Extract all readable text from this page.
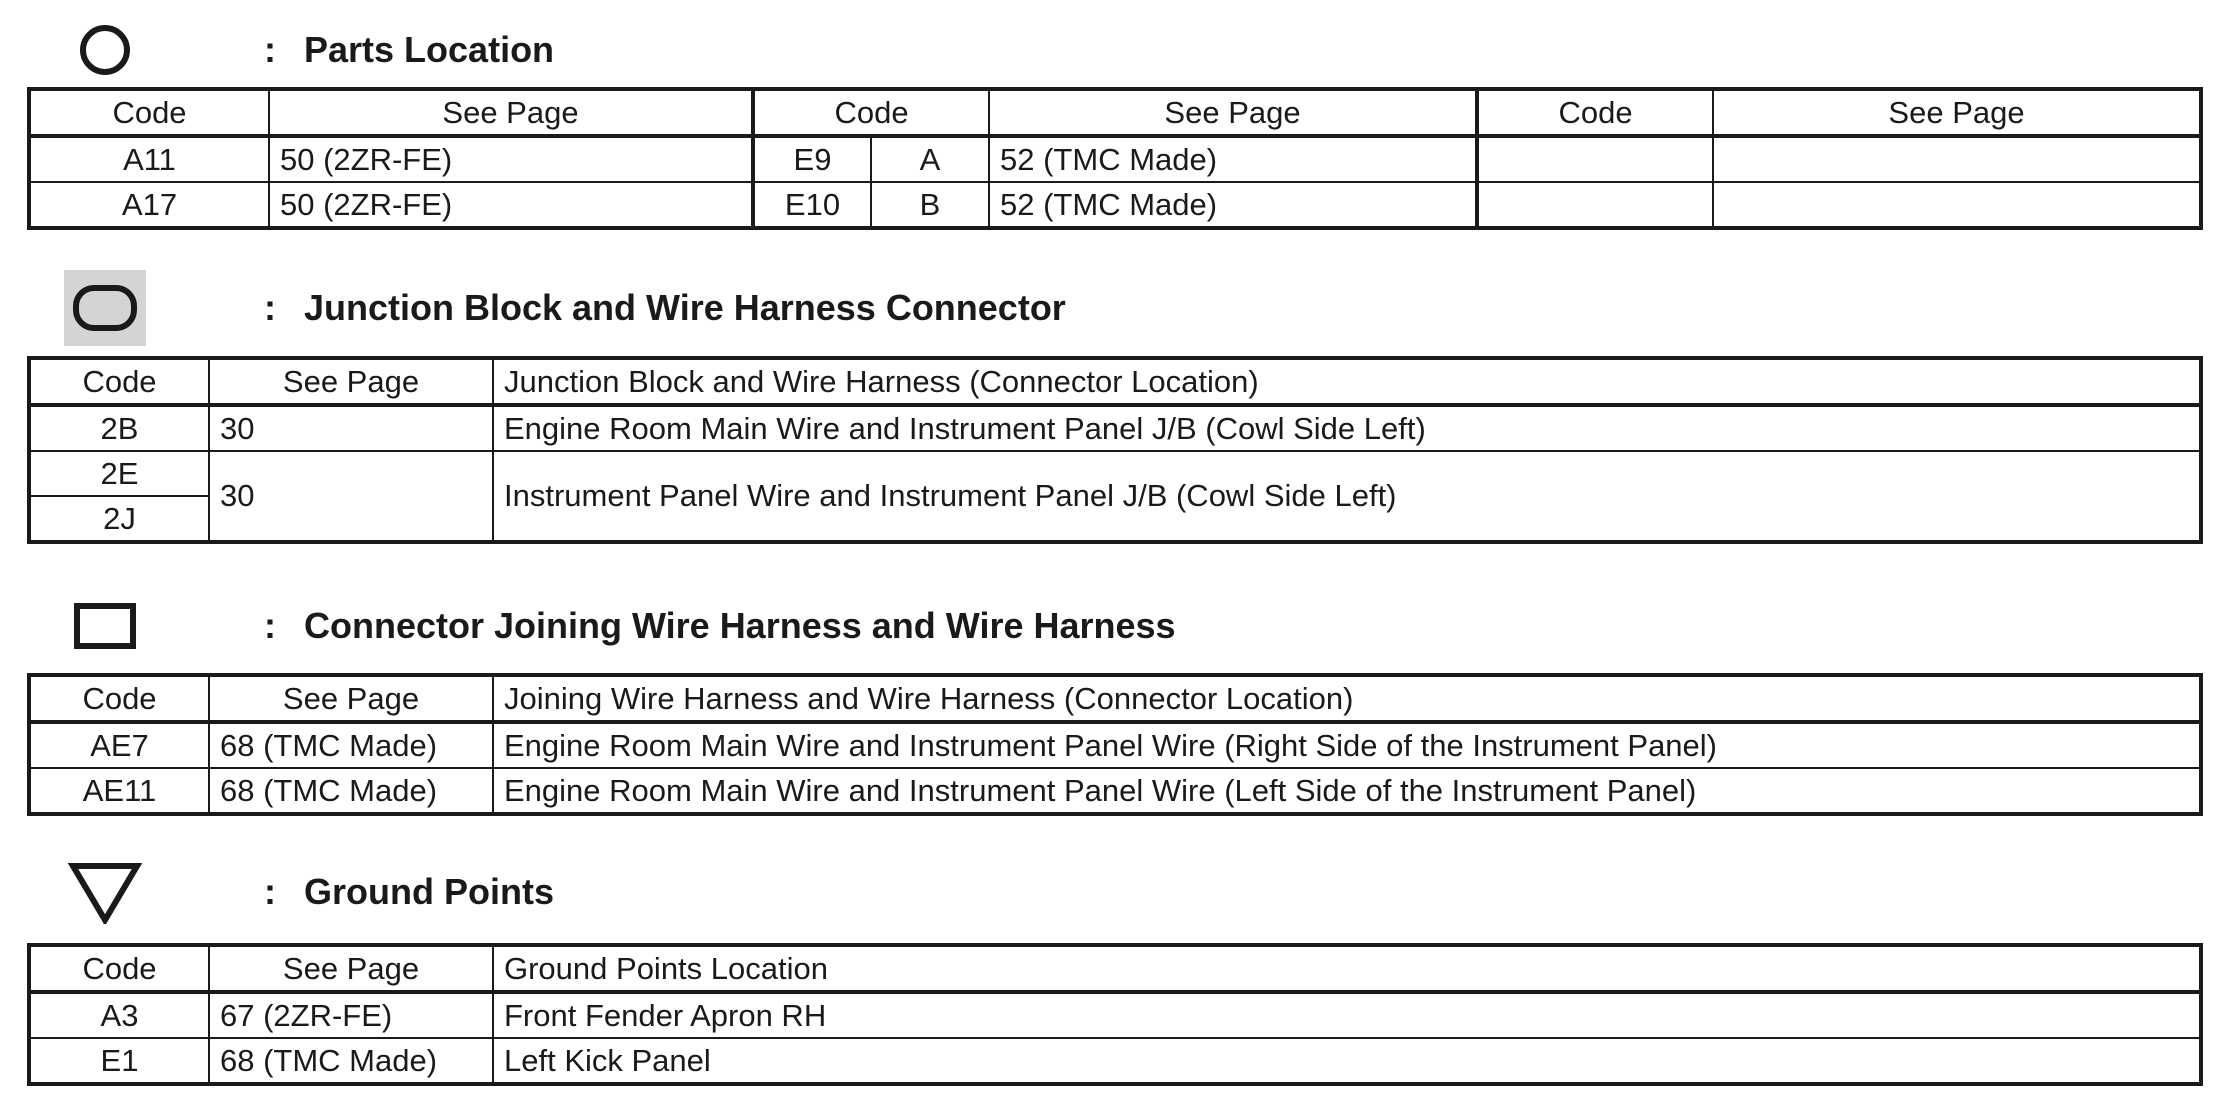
: Parts Location
Code	See Page	Code		See Page	Code	See Page
A11	50 (2ZR-FE)	E9	A	52 (TMC Made)		
A17	50 (2ZR-FE)	E10	B	52 (TMC Made)		
: Junction Block and Wire Harness Connector
Code	See Page	Junction Block and Wire Harness (Connector Location)
2B	30	Engine Room Main Wire and Instrument Panel J/B (Cowl Side Left)
2E	30	Instrument Panel Wire and Instrument Panel J/B (Cowl Side Left)
2J		
: Connector Joining Wire Harness and Wire Harness
Code	See Page	Joining Wire Harness and Wire Harness (Connector Location)
AE7	68 (TMC Made)	Engine Room Main Wire and Instrument Panel Wire (Right Side of the Instrument Panel)
AE11	68 (TMC Made)	Engine Room Main Wire and Instrument Panel Wire (Left Side of the Instrument Panel)
: Ground Points
Code	See Page	Ground Points Location
A3	67 (2ZR-FE)	Front Fender Apron RH
E1	68 (TMC Made)	Left Kick Panel
